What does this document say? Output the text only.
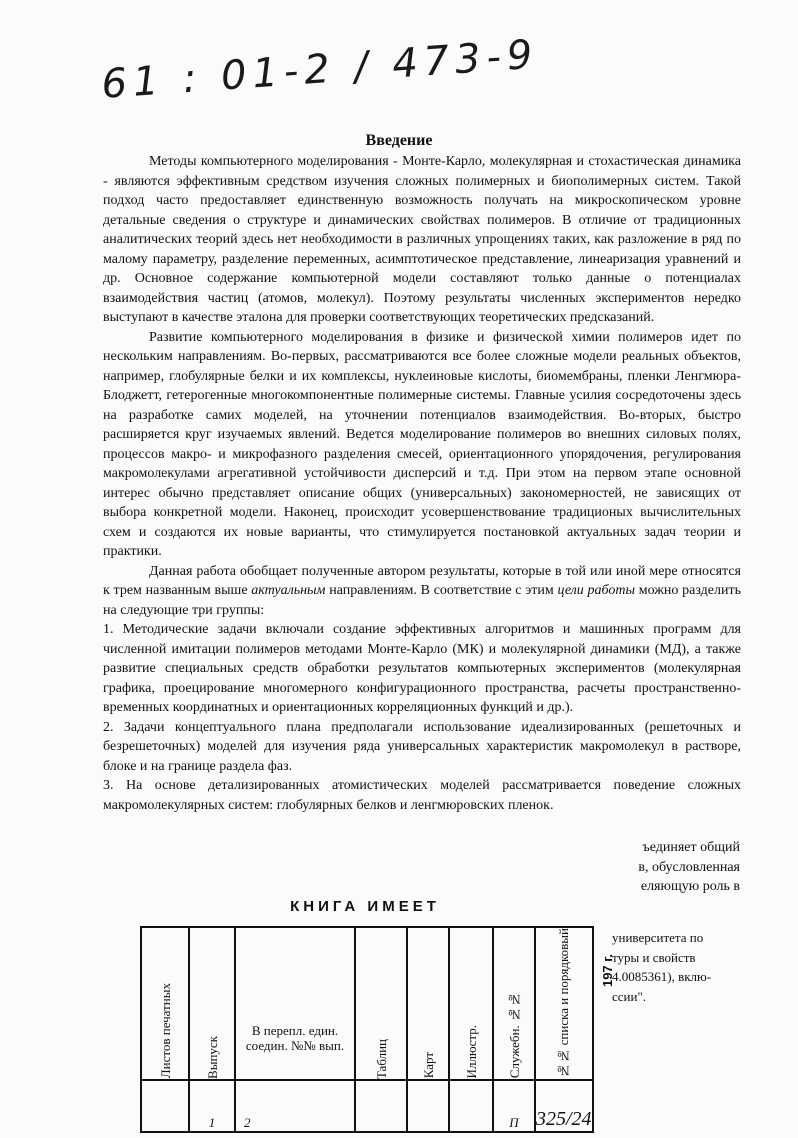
61 : 01-2 / 473-9
Введение

Методы компьютерного моделирования - Монте-Карло, молекулярная и стохастическая динамика - являются эффективным средством изучения сложных полимерных и биополимерных систем. Такой подход часто предоставляет единственную возможность получать на микроскопическом уровне детальные сведения о структуре и динамических свойствах полимеров. В отличие от традиционных аналитических теорий здесь нет необходимости в различных упрощениях таких, как разложение в ряд по малому параметру, разделение переменных, асимптотическое представление, линеаризация уравнений и др. Основное содержание компьютерной модели составляют только данные о потенциалах взаимодействия частиц (атомов, молекул). Поэтому результаты численных экспериментов нередко выступают в качестве эталона для проверки соответствующих теоретических предсказаний.

Развитие компьютерного моделирования в физике и физической химии полимеров идет по нескольким направлениям. Во-первых, рассматриваются все более сложные модели реальных объектов, например, глобулярные белки и их комплексы, нуклеиновые кислоты, биомембраны, пленки Ленгмюра-Блоджетт, гетерогенные многокомпонентные полимерные системы. Главные усилия сосредоточены здесь на разработке самих моделей, на уточнении потенциалов взаимодействия. Во-вторых, быстро расширяется круг изучаемых явлений. Ведется моделирование полимеров во внешних силовых полях, процессов макро- и микрофазного разделения смесей, ориентационного упорядочения, регулирования макромолекулами агрегативной устойчивости дисперсий и т.д. При этом на первом этапе основной интерес обычно представляет описание общих (универсальных) закономерностей, не зависящих от выбора конкретной модели. Наконец, происходит усовершенствование традиционых вычислительных схем и создаются их новые варианты, что стимулируется постановкой актуальных задач теории и практики.

Данная работа обобщает полученные автором результаты, которые в той или иной мере относятся к трем названным выше актуальным направлениям. В соответствие с этим цели работы можно разделить на следующие три группы:

1. Методические задачи включали создание эффективных алгоритмов и машинных программ для численной имитации полимеров методами Монте-Карло (МК) и молекулярной динамики (МД), а также развитие специальных средств обработки результатов компьютерных экспериментов (молекулярная графика, проецирование многомерного конфигурационного пространства, расчеты пространственно-временных координатных и ориентационных корреляционных функций и др.).

2. Задачи концептуального плана предполагали использование идеализированных (решеточных и безрешеточных) моделей для изучения ряда универсальных характеристик макромолекул в растворе, блоке и на границе раздела фаз.

3. На основе детализированных атомистических моделей рассматривается поведение сложных макромолекулярных систем: глобулярных белков и ленгмюровских пленок.

ъединяет общий
в, обусловленная
еляющую роль в
университета по
туры и свойств
4.0085361), вклю-
ссии".
КНИГА ИМЕЕТ
Листов печатных	Выпуск	В перепл. един. соедин. №№ вып.	Таблиц	Карт	Иллюстр.	Служебн. №№	№№ списка и порядковый

	1	2				П	325/24
197 г.
